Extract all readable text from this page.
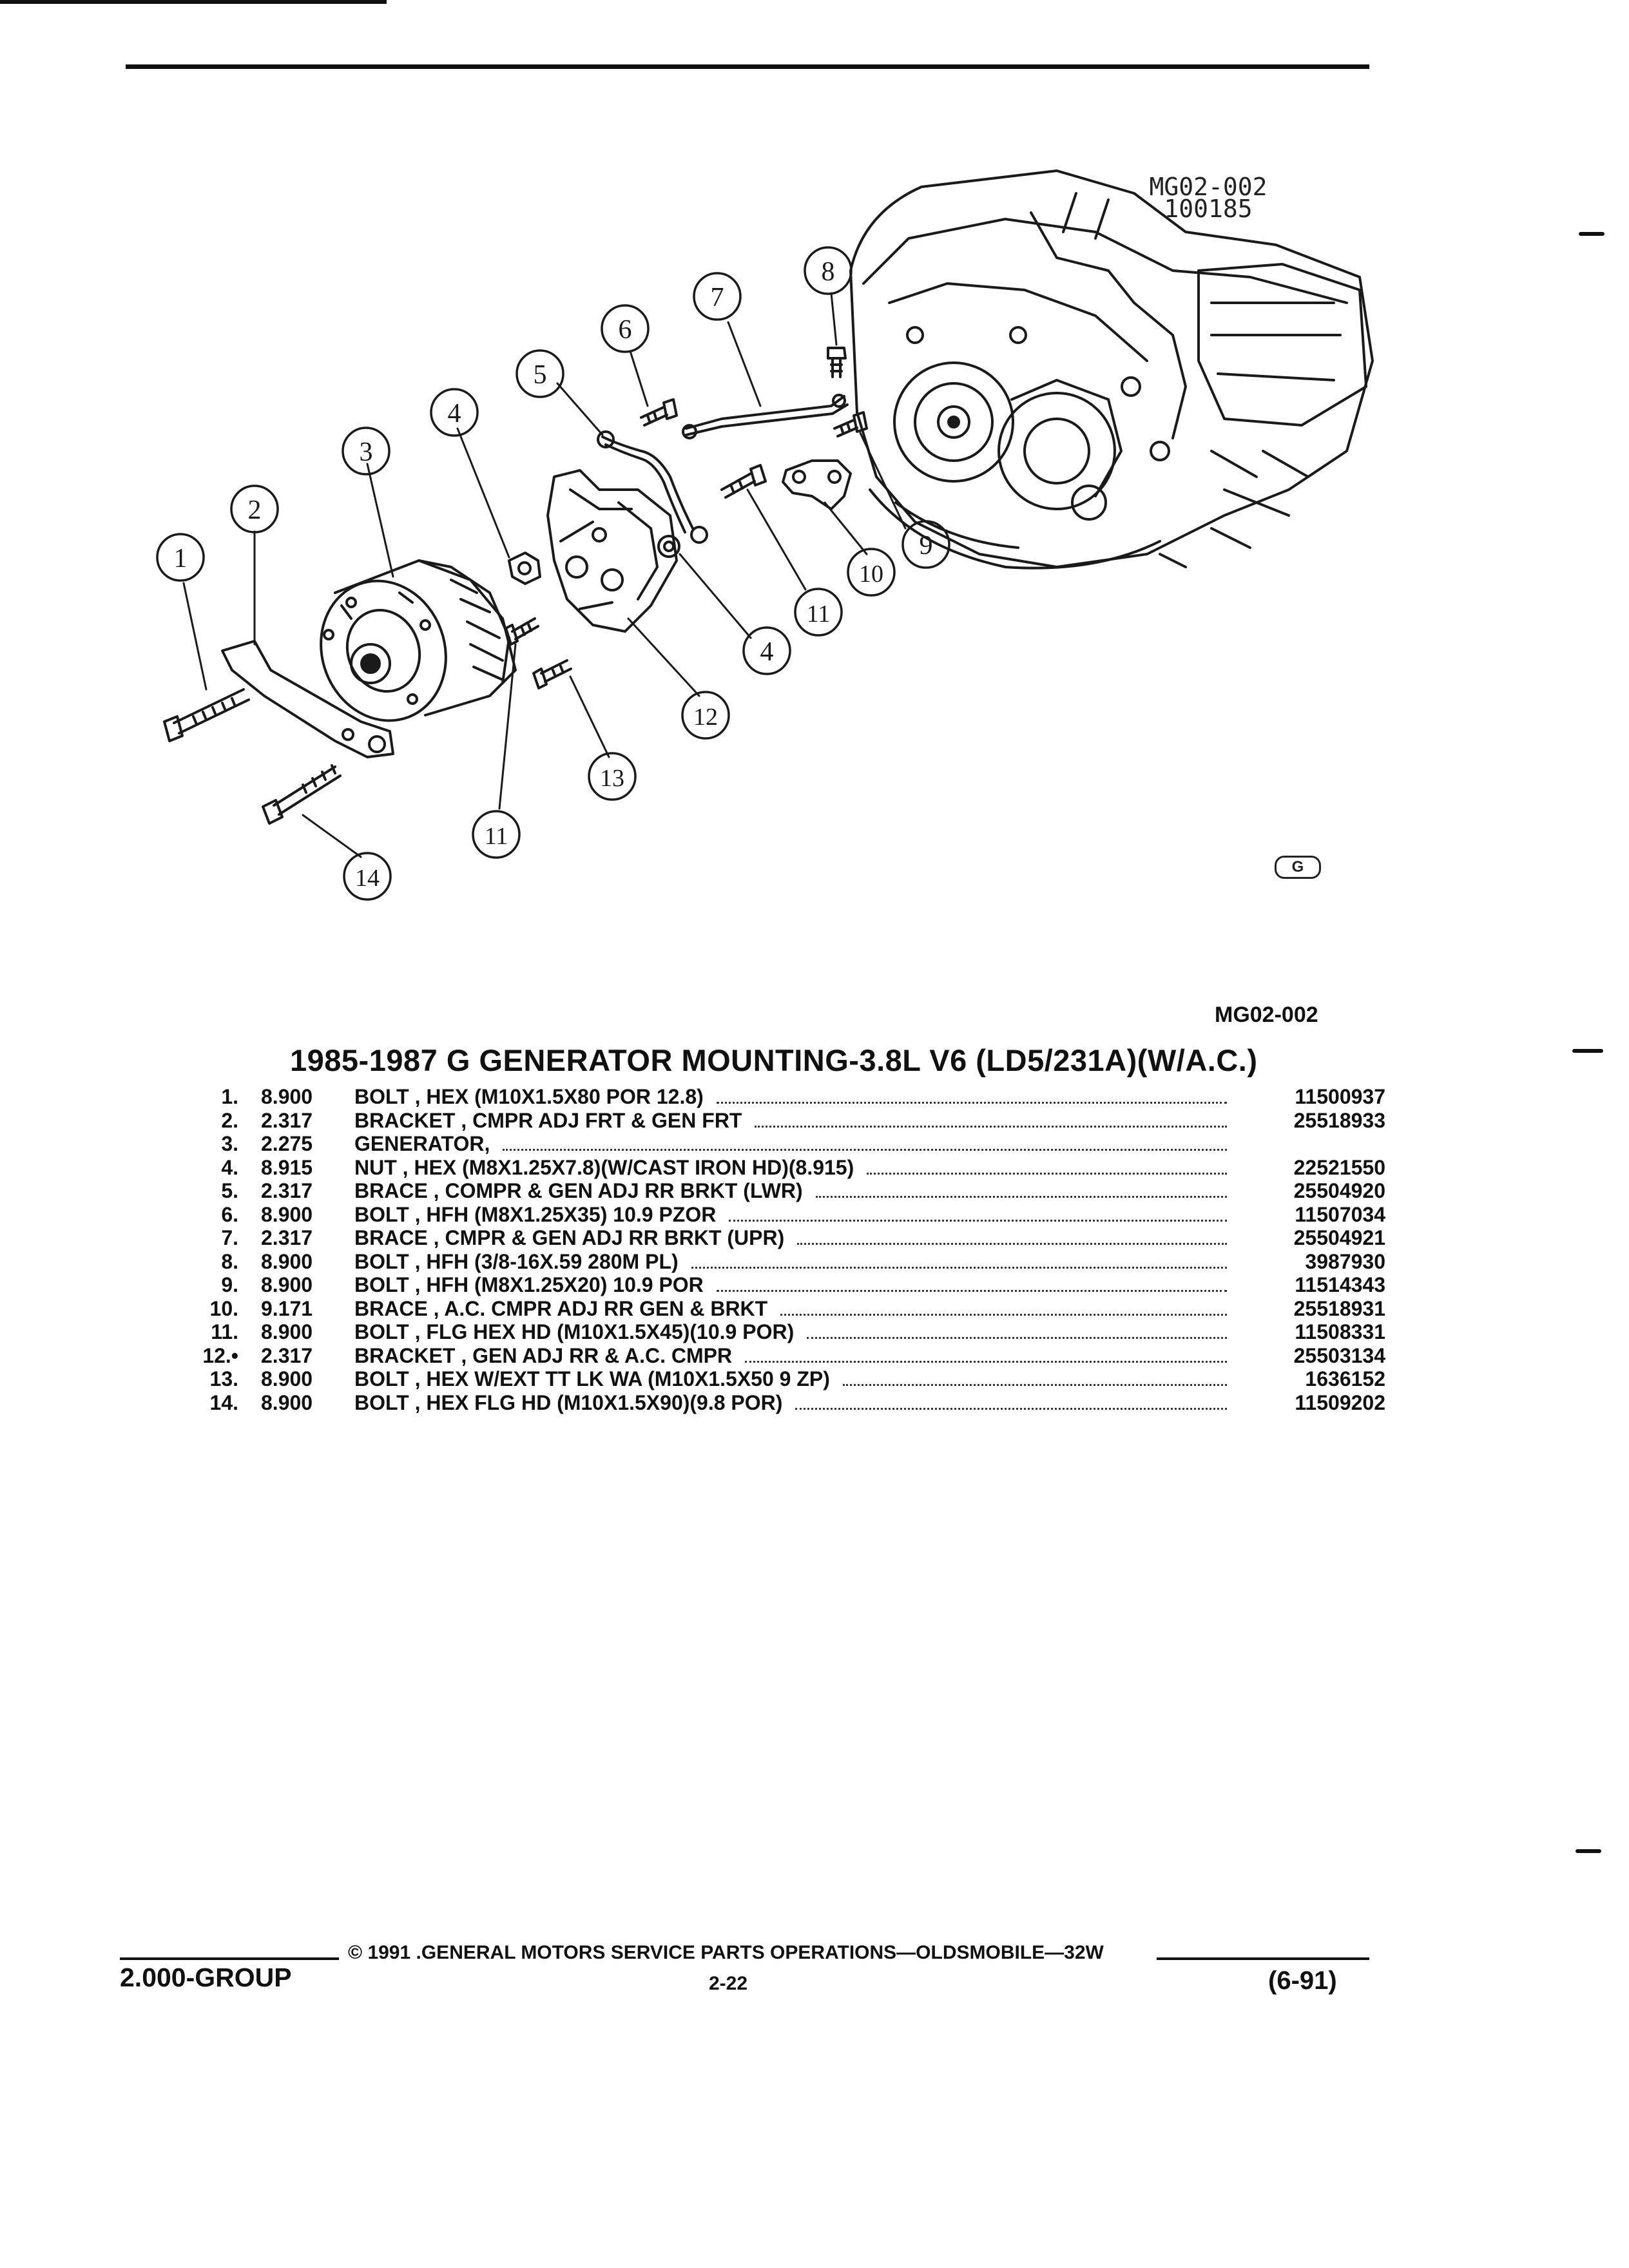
1
2
3
4
5
6
7
8
9
10
11
4
12
13
11
14
MG02-002
100185
G
MG02-002
1985-1987 G GENERATOR MOUNTING-3.8L V6 (LD5/231A)(W/A.C.)
1.	8.900	BOLT , HEX (M10X1.5X80 POR 12.8)	11500937
2.	2.317	BRACKET , CMPR ADJ FRT & GEN FRT	25518933
3.	2.275	GENERATOR,
4.	8.915	NUT , HEX (M8X1.25X7.8)(W/CAST IRON HD)(8.915)	22521550
5.	2.317	BRACE , COMPR & GEN ADJ RR BRKT (LWR)	25504920
6.	8.900	BOLT , HFH (M8X1.25X35) 10.9 PZOR	11507034
7.	2.317	BRACE , CMPR & GEN ADJ RR BRKT (UPR)	25504921
8.	8.900	BOLT , HFH (3/8-16X.59 280M PL)	3987930
9.	8.900	BOLT , HFH (M8X1.25X20) 10.9 POR	11514343
10.	9.171	BRACE , A.C. CMPR ADJ RR GEN & BRKT	25518931
11.	8.900	BOLT , FLG HEX HD (M10X1.5X45)(10.9 POR)	11508331
12.•	2.317	BRACKET , GEN ADJ RR & A.C. CMPR	25503134
13.	8.900	BOLT , HEX W/EXT TT LK WA (M10X1.5X50 9 ZP)	1636152
14.	8.900	BOLT , HEX FLG HD (M10X1.5X90)(9.8 POR)	11509202
© 1991 .GENERAL MOTORS SERVICE PARTS OPERATIONS—OLDSMOBILE—32W
2.000-GROUP	2-22	(6-91)
